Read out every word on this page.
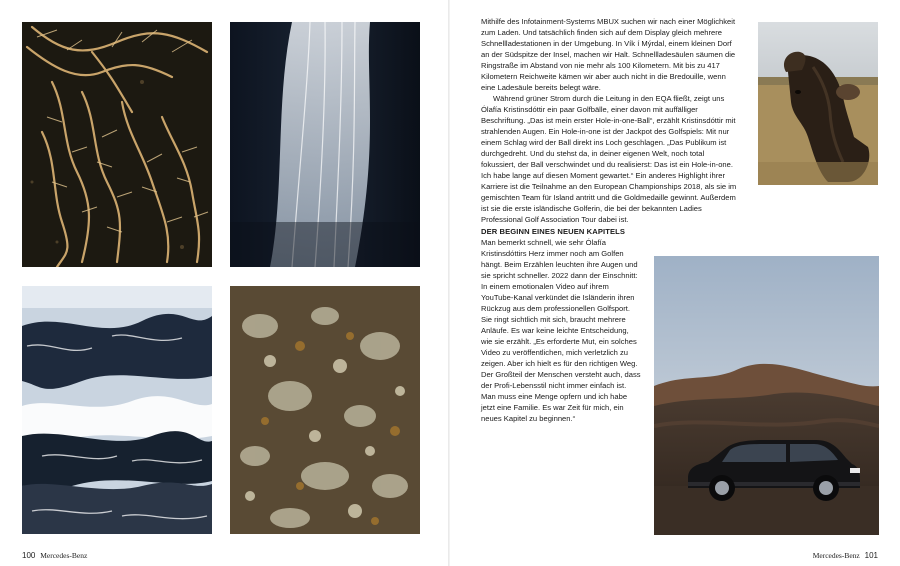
100 Mercedes-Benz

Mithilfe des Infotainment-Systems MBUX suchen wir nach einer Möglichkeit zum Laden. Und tatsächlich finden sich auf dem Display gleich mehrere Schnellladestationen in der Umgebung. In Vík í Mýrdal, einem kleinen Dorf an der Südspitze der Insel, machen wir Halt. Schnellladesäulen säumen die Ringstraße im Abstand von nie mehr als 100 Kilometern. Mit bis zu 417 Kilometern Reichweite kämen wir aber auch nicht in die Bredouille, wenn eine Ladesäule bereits belegt wäre.

Während grüner Strom durch die Leitung in den EQA fließt, zeigt uns Ólafía Kristinsdóttir ein paar Golfbälle, einer davon mit auffälliger Beschriftung. „Das ist mein erster Hole-in-one-Ball“, erzählt Kristinsdóttir mit strahlenden Augen. Ein Hole-in-one ist der Jackpot des Golfspiels: Mit nur einem Schlag wird der Ball direkt ins Loch geschlagen. „Das Publikum ist durchgedreht. Und du stehst da, in deiner eigenen Welt, noch total fokussiert, der Ball verschwindet und du realisierst: Das ist ein Hole-in-one. Ich habe lange auf diesen Moment gewartet.“ Ein anderes Highlight ihrer Karriere ist die Teilnahme an den European Championships 2018, als sie im gemischten Team für Island antritt und die Goldmedaille gewinnt. Außerdem ist sie die erste isländische Golferin, die bei der bekannten Ladies Professional Golf Association Tour dabei ist.

DER BEGINN EINES NEUEN KAPITELS

Man bemerkt schnell, wie sehr Ólafía Kristinsdóttirs Herz immer noch am Golfen hängt. Beim Erzählen leuchten ihre Augen und sie spricht schneller. 2022 dann der Einschnitt: In einem emotionalen Video auf ihrem YouTube-Kanal verkündet die Isländerin ihren Rückzug aus dem professionellen Golfsport. Sie ringt sichtlich mit sich, braucht mehrere Anläufe. Es war keine leichte Entscheidung, wie sie erzählt. „Es erforderte Mut, ein solches Video zu veröffentlichen, mich verletzlich zu zeigen. Aber ich hielt es für den richtigen Weg. Der Großteil der Menschen versteht auch, dass der Profi-Lebensstil nicht immer einfach ist. Man muss eine Menge opfern und ich habe jetzt eine Familie. Es war Zeit für mich, ein neues Kapitel zu beginnen.“

Mercedes-Benz 101
